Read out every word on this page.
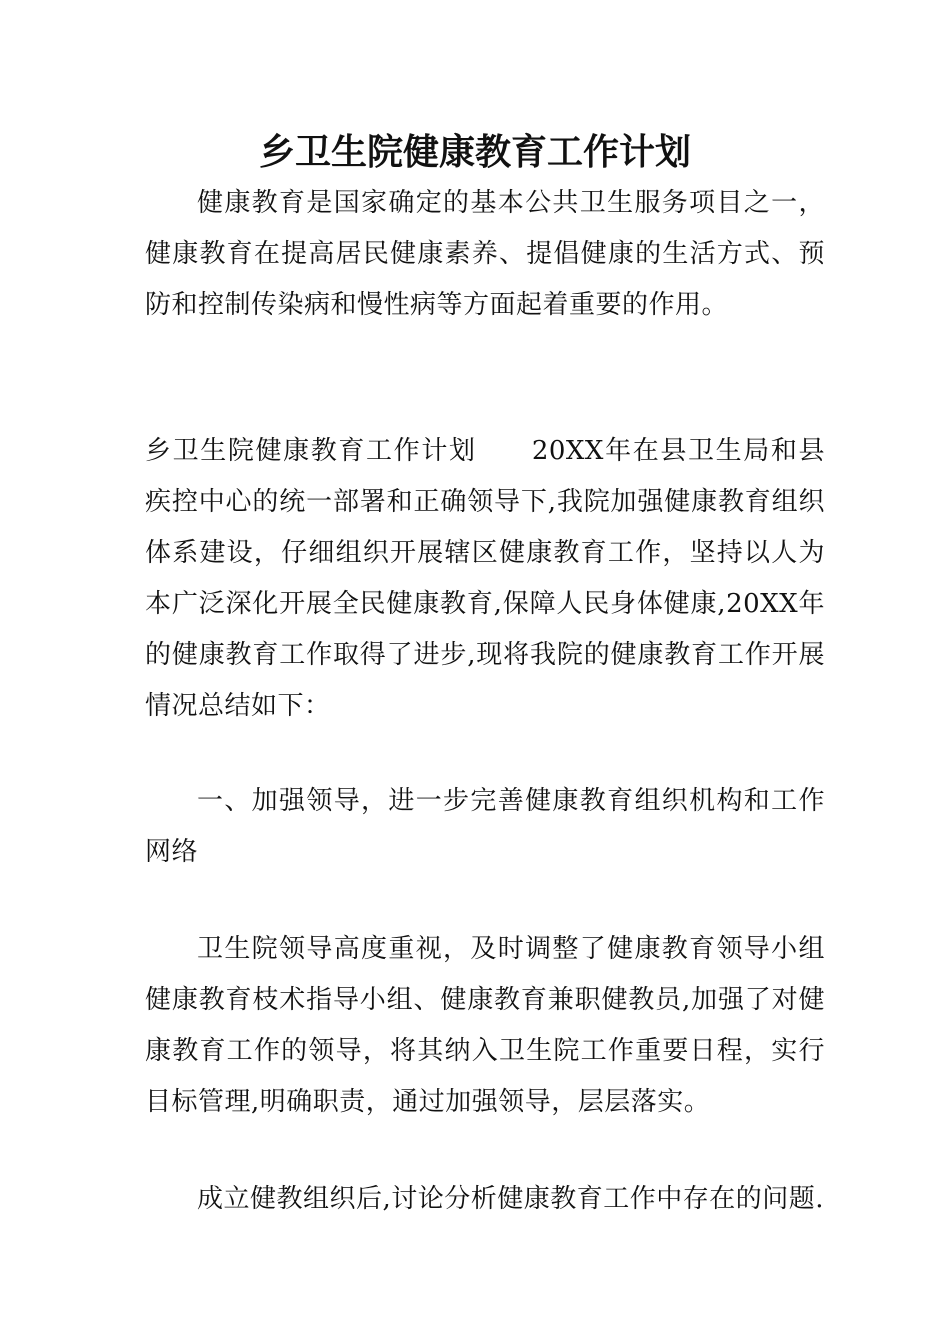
乡卫生院健康教育工作计划

健康教育是国家确定的基本公共卫生服务项目之一，健康教育在提高居民健康素养、提倡健康的生活方式、预防和控制传染病和慢性病等方面起着重要的作用。

乡卫生院健康教育工作计划　　20XX年在县卫生局和县疾控中心的统一部署和正确领导下,我院加强健康教育组织体系建设，仔细组织开展辖区健康教育工作，坚持以人为本广泛深化开展全民健康教育,保障人民身体健康,20XX年的健康教育工作取得了进步,现将我院的健康教育工作开展情况总结如下：

一、加强领导，进一步完善健康教育组织机构和工作网络

卫生院领导高度重视，及时调整了健康教育领导小组健康教育枝术指导小组、健康教育兼职健教员,加强了对健康教育工作的领导，将其纳入卫生院工作重要日程，实行目标管理,明确职责，通过加强领导，层层落实。

成立健教组织后,讨论分析健康教育工作中存在的问题.
